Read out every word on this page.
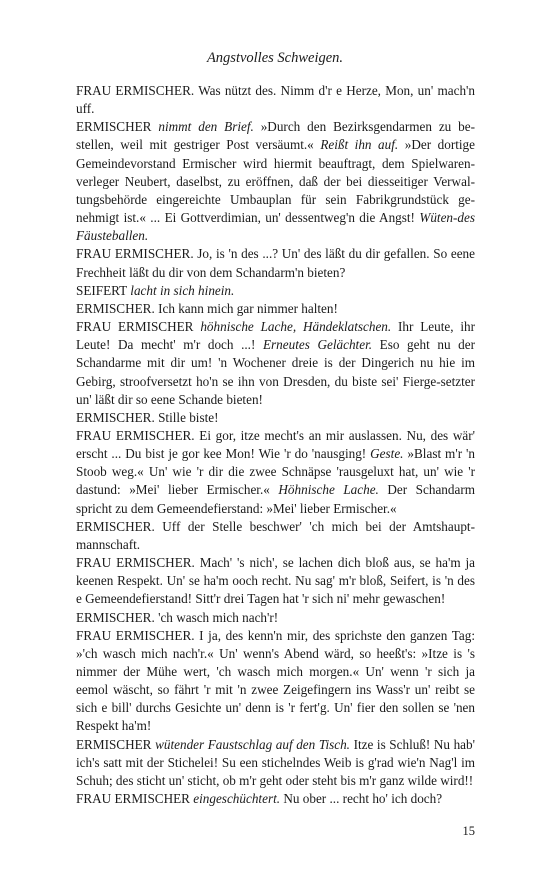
Angstvolles Schweigen.

FRAU ERMISCHER. Was nützt des. Nimm d'r e Herze, Mon, un' mach'n uff.

ERMISCHER nimmt den Brief. »Durch den Bezirksgendarmen zu be-stellen, weil mit gestriger Post versäumt.« Reißt ihn auf. »Der dortige Gemeindevorstand Ermischer wird hiermit beauftragt, dem Spielwaren-verleger Neubert, daselbst, zu eröffnen, daß der bei diesseitiger Verwal-tungsbehörde eingereichte Umbauplan für sein Fabrikgrundstück ge-nehmigt ist.« ... Ei Gottverdimian, un' dessentweg'n die Angst! Wüten-des Fäusteballen.

FRAU ERMISCHER. Jo, is 'n des ...? Un' des läßt du dir gefallen. So eene Frechheit läßt du dir von dem Schandarm'n bieten?

SEIFERT lacht in sich hinein.

ERMISCHER. Ich kann mich gar nimmer halten!

FRAU ERMISCHER höhnische Lache, Händeklatschen. Ihr Leute, ihr Leute! Da mecht' m'r doch ...! Erneutes Gelächter. Eso geht nu der Schandarme mit dir um! 'n Wochener dreie is der Dingerich nu hie im Gebirg, stroofversetzt ho'n se ihn von Dresden, du biste sei' Fierge-setzter un' läßt dir so eene Schande bieten!

ERMISCHER. Stille biste!

FRAU ERMISCHER. Ei gor, itze mecht's an mir auslassen. Nu, des wär' erscht ... Du bist je gor kee Mon! Wie 'r do 'nausging! Geste. »Blast m'r 'n Stoob weg.« Un' wie 'r dir die zwee Schnäpse 'rausgeluxt hat, un' wie 'r dastund: »Mei' lieber Ermischer.« Höhnische Lache. Der Schandarm spricht zu dem Gemeendefierstand: »Mei' lieber Ermischer.«

ERMISCHER. Uff der Stelle beschwer' 'ch mich bei der Amtshaupt-mannschaft.

FRAU ERMISCHER. Mach' 's nich', se lachen dich bloß aus, se ha'm ja keenen Respekt. Un' se ha'm ooch recht. Nu sag' m'r bloß, Seifert, is 'n des e Gemeendefierstand! Sitt'r drei Tagen hat 'r sich ni' mehr gewaschen!

ERMISCHER. 'ch wasch mich nach'r!

FRAU ERMISCHER. I ja, des kenn'n mir, des sprichste den ganzen Tag: »'ch wasch mich nach'r.« Un' wenn's Abend wärd, so heeßt's: »Itze is 's nimmer der Mühe wert, 'ch wasch mich morgen.« Un' wenn 'r sich ja eemol wäscht, so fährt 'r mit 'n zwee Zeigefingern ins Wass'r un' reibt se sich e bill' durchs Gesichte un' denn is 'r fert'g. Un' fier den sollen se 'nen Respekt ha'm!

ERMISCHER wütender Faustschlag auf den Tisch. Itze is Schluß! Nu hab' ich's satt mit der Stichelei! Su een stichelndes Weib is g'rad wie'n Nag'l im Schuh; des sticht un' sticht, ob m'r geht oder steht bis m'r ganz wilde wird!!

FRAU ERMISCHER eingeschüchtert. Nu ober ... recht ho' ich doch?

15
